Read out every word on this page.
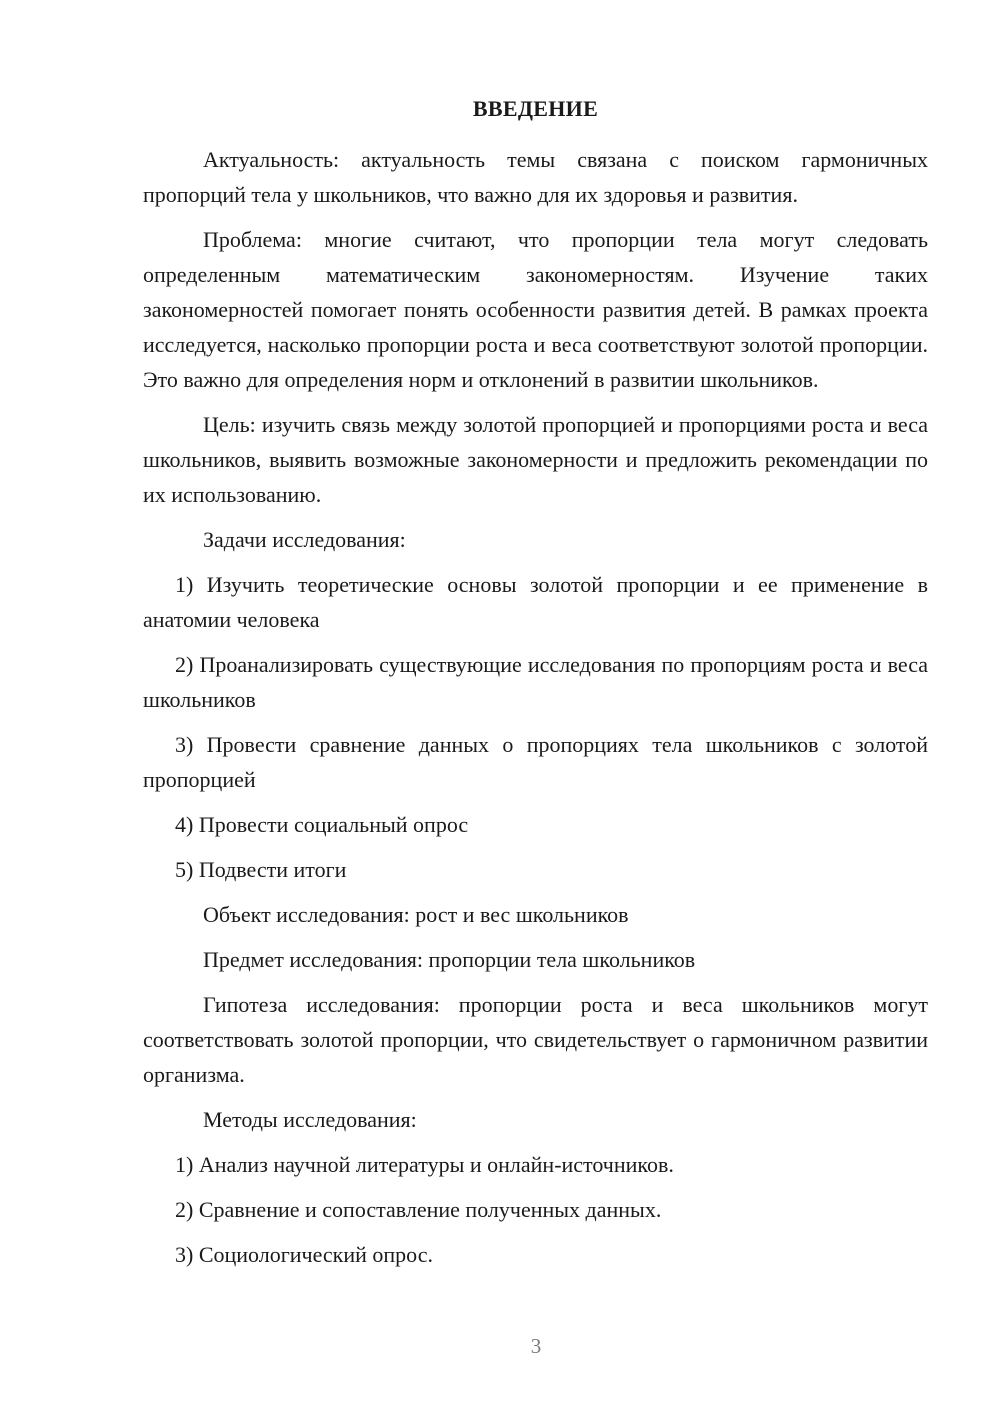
ВВЕДЕНИЕ

Актуальность: актуальность темы связана с поиском гармоничных пропорций тела у школьников, что важно для их здоровья и развития.

Проблема: многие считают, что пропорции тела могут следовать определенным математическим закономерностям. Изучение таких закономерностей помогает понять особенности развития детей. В рамках проекта исследуется, насколько пропорции роста и веса соответствуют золотой пропорции. Это важно для определения норм и отклонений в развитии школьников.

Цель: изучить связь между золотой пропорцией и пропорциями роста и веса школьников, выявить возможные закономерности и предложить рекомендации по их использованию.

Задачи исследования:

1) Изучить теоретические основы золотой пропорции и ее применение в анатомии человека

2) Проанализировать существующие исследования по пропорциям роста и веса школьников

3) Провести сравнение данных о пропорциях тела школьников с золотой пропорцией

4) Провести социальный опрос

5) Подвести итоги

Объект исследования: рост и вес школьников

Предмет исследования: пропорции тела школьников

Гипотеза исследования: пропорции роста и веса школьников могут соответствовать золотой пропорции, что свидетельствует о гармоничном развитии организма.

Методы исследования:

1) Анализ научной литературы и онлайн-источников.

2) Сравнение и сопоставление полученных данных.

3) Социологический опрос.

3
